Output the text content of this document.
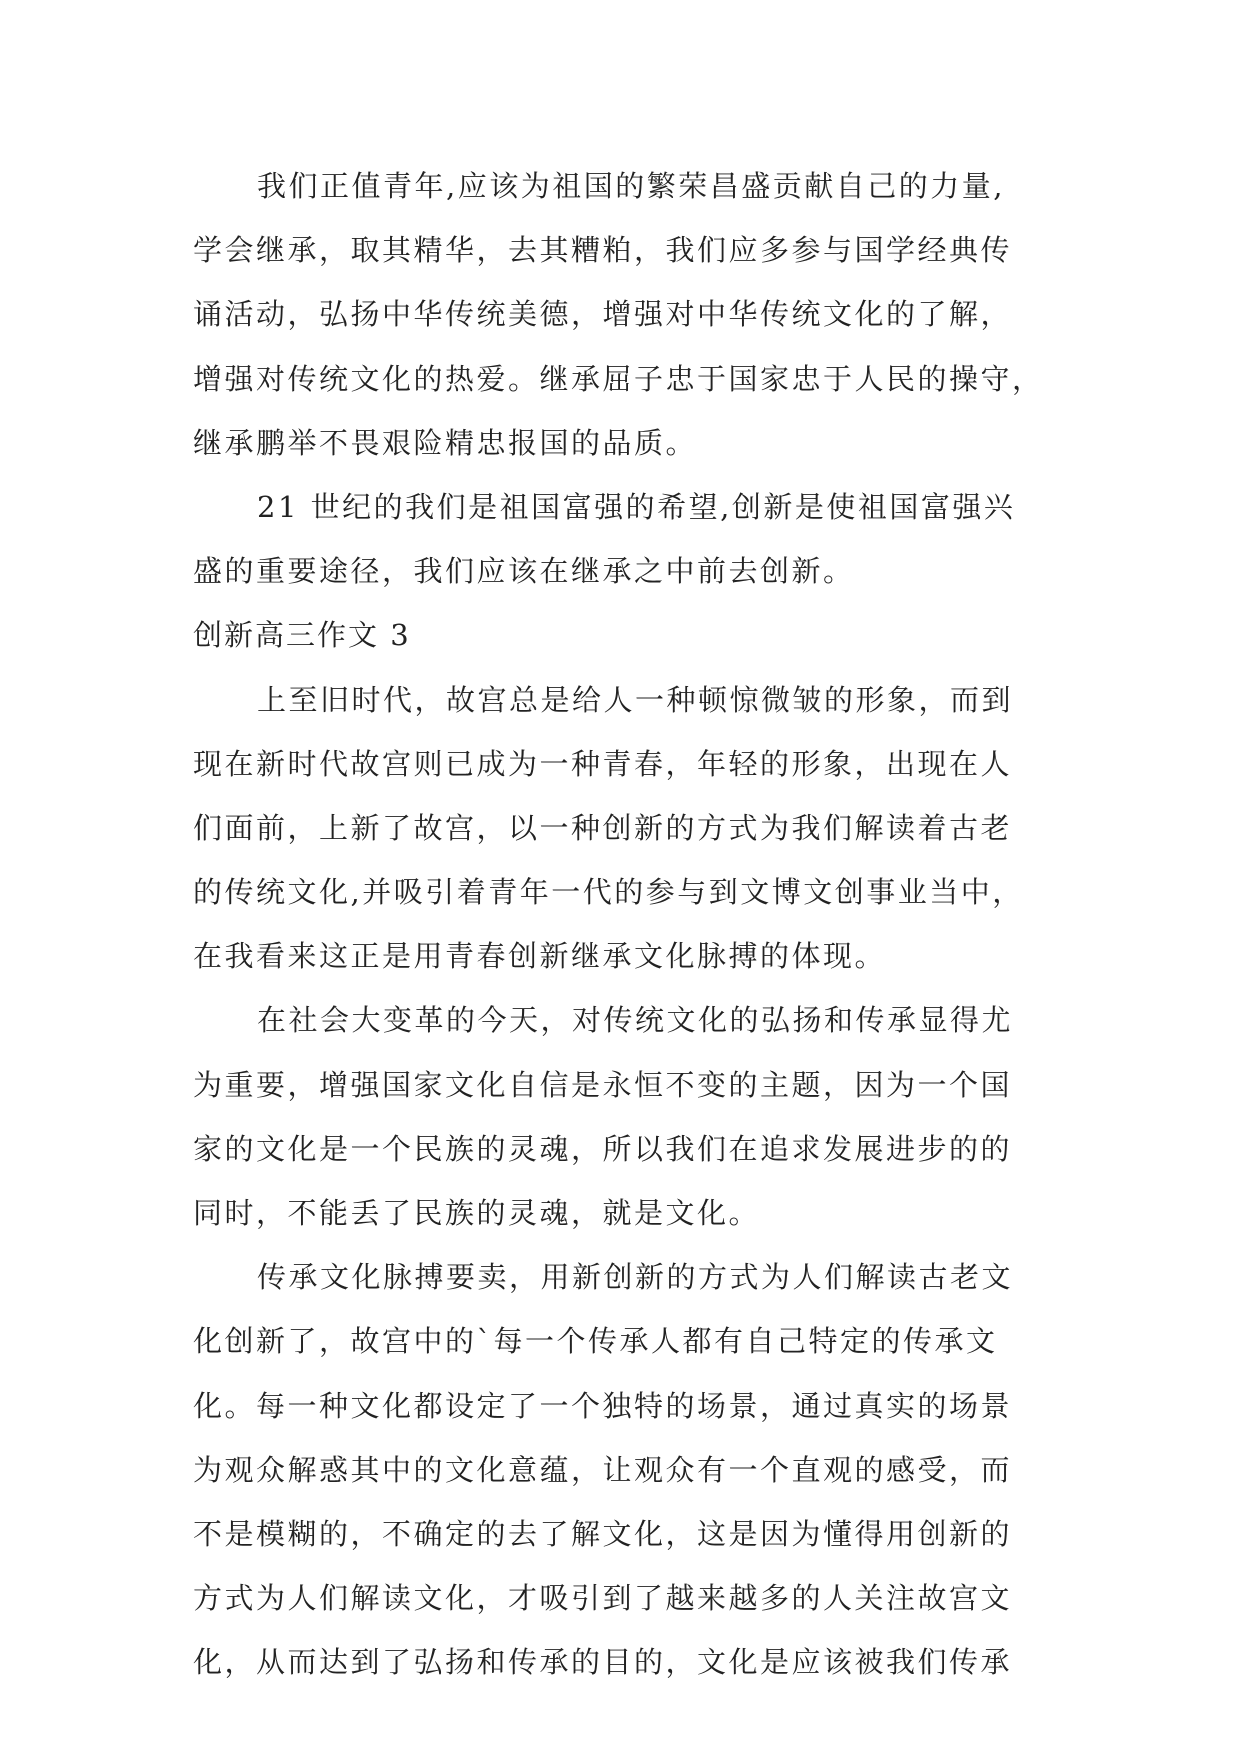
我们正值青年,应该为祖国的繁荣昌盛贡献自己的力量,
学会继承，取其精华，去其糟粕，我们应多参与国学经典传
诵活动，弘扬中华传统美德，增强对中华传统文化的了解，
增强对传统文化的热爱。继承屈子忠于国家忠于人民的操守，
继承鹏举不畏艰险精忠报国的品质。
21 世纪的我们是祖国富强的希望,创新是使祖国富强兴
盛的重要途径，我们应该在继承之中前去创新。
创新高三作文 3
上至旧时代，故宫总是给人一种顿惊微皱的形象，而到
现在新时代故宫则已成为一种青春，年轻的形象，出现在人
们面前，上新了故宫，以一种创新的方式为我们解读着古老
的传统文化,并吸引着青年一代的参与到文博文创事业当中，
在我看来这正是用青春创新继承文化脉搏的体现。
在社会大变革的今天，对传统文化的弘扬和传承显得尤
为重要，增强国家文化自信是永恒不变的主题，因为一个国
家的文化是一个民族的灵魂，所以我们在追求发展进步的的
同时，不能丢了民族的灵魂，就是文化。
传承文化脉搏要卖，用新创新的方式为人们解读古老文
化创新了，故宫中的`每一个传承人都有自己特定的传承文
化。每一种文化都设定了一个独特的场景，通过真实的场景
为观众解惑其中的文化意蕴，让观众有一个直观的感受，而
不是模糊的，不确定的去了解文化，这是因为懂得用创新的
方式为人们解读文化，才吸引到了越来越多的人关注故宫文
化，从而达到了弘扬和传承的目的，文化是应该被我们传承
